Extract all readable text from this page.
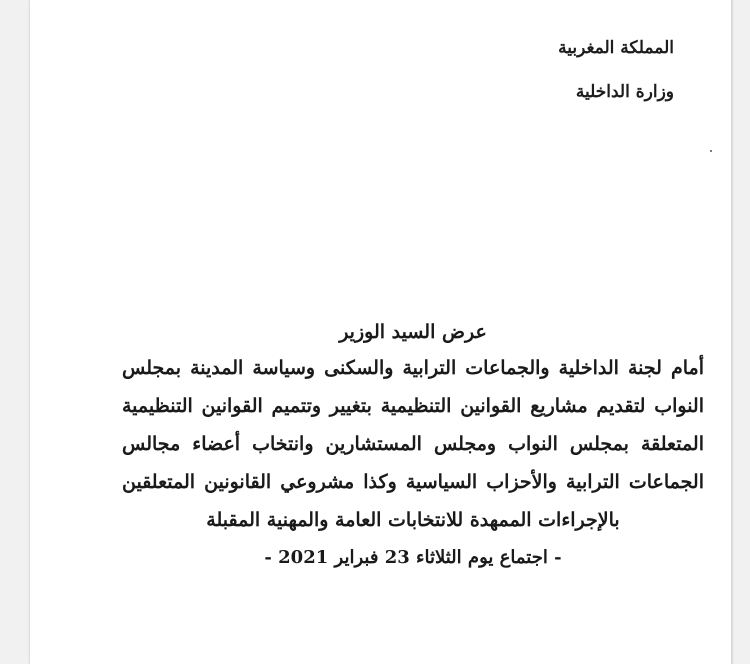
المملكة المغربية
وزارة الداخلية
عرض السيد الوزير
أمام لجنة الداخلية والجماعات الترابية والسكنى وسياسة المدينة بمجلس النواب لتقديم مشاريع القوانين التنظيمية بتغيير وتتميم القوانين التنظيمية المتعلقة بمجلس النواب ومجلس المستشارين وانتخاب أعضاء مجالس الجماعات الترابية والأحزاب السياسية وكذا مشروعي القانونين المتعلقين بالإجراءات الممهدة للانتخابات العامة والمهنية المقبلة
- اجتماع يوم الثلاثاء 23 فبراير 2021 -
